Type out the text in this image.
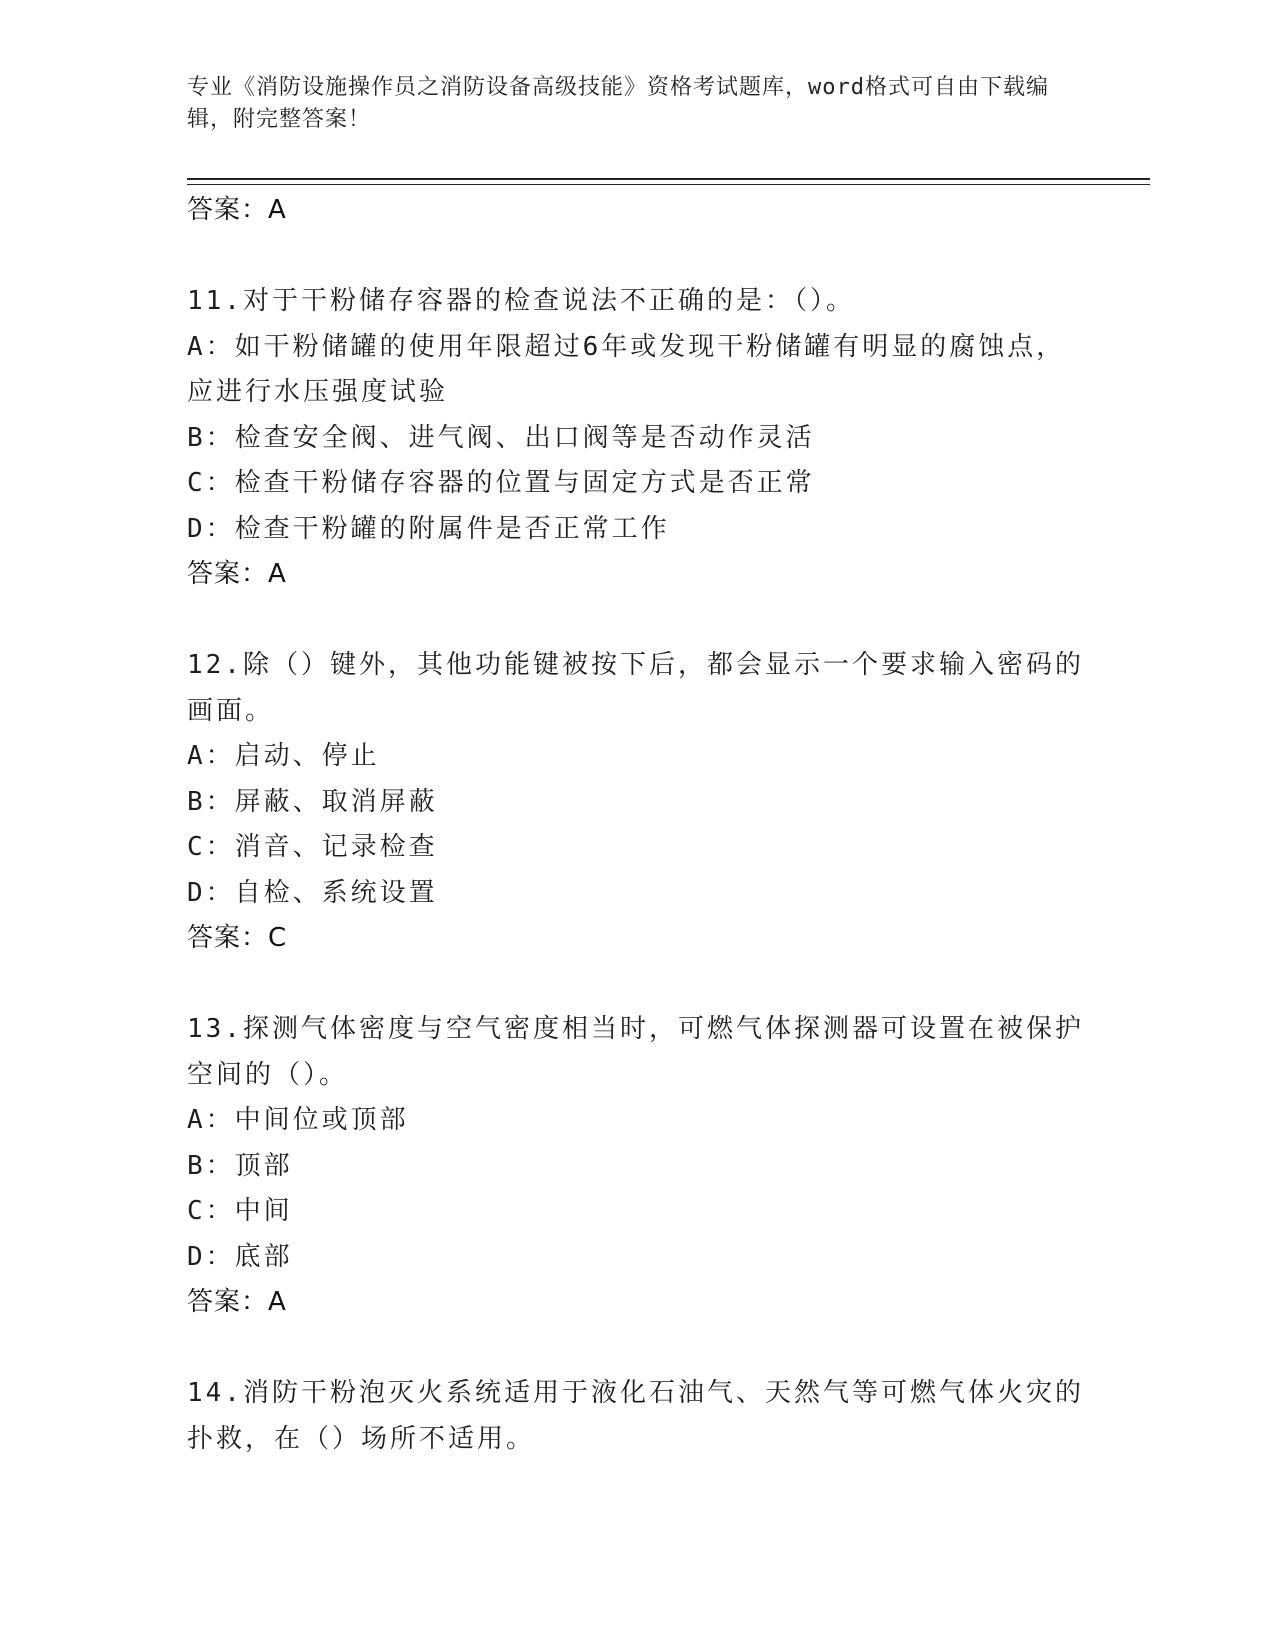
专业《消防设施操作员之消防设备高级技能》资格考试题库，word格式可自由下载编辑，附完整答案！
答案：A
11.对于干粉储存容器的检查说法不正确的是：（）。
A：如干粉储罐的使用年限超过6年或发现干粉储罐有明显的腐蚀点，
应进行水压强度试验
B：检查安全阀、进气阀、出口阀等是否动作灵活
C：检查干粉储存容器的位置与固定方式是否正常
D：检查干粉罐的附属件是否正常工作
答案：A
12.除（）键外，其他功能键被按下后，都会显示一个要求输入密码的
画面。
A：启动、停止
B：屏蔽、取消屏蔽
C：消音、记录检查
D：自检、系统设置
答案：C
13.探测气体密度与空气密度相当时，可燃气体探测器可设置在被保护
空间的（）。
A：中间位或顶部
B：顶部
C：中间
D：底部
答案：A
14.消防干粉泡灭火系统适用于液化石油气、天然气等可燃气体火灾的
扑救，在（）场所不适用。
